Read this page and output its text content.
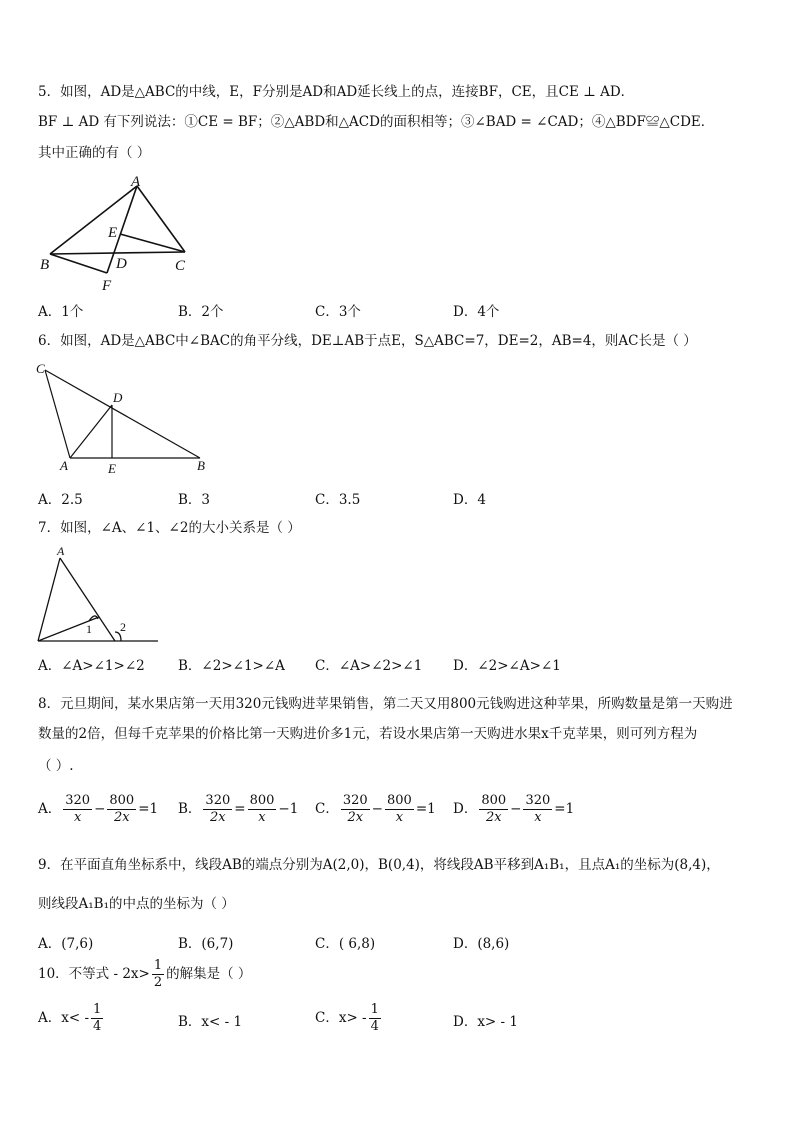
5．如图，AD是△ABC的中线，E，F分别是AD和AD延长线上的点，连接BF，CE，且CE ⊥ AD．
BF ⊥ AD 有下列说法：①CE = BF；②△ABD和△ACD的面积相等；③∠BAD = ∠CAD；④△BDF≌△CDE．
其中正确的有（ ）
A
E
B	D	C
F
C
D
A	E	B
A
1 2
A．1个	B．2个	C．3个	D．4个
6．如图，AD是△ABC中∠BAC的角平分线，DE⊥AB于点E，S△ABC=7，DE=2，AB=4，则AC长是（ ）
A．2.5	B．3	C．3.5	D．4
7．如图，∠A、∠1、∠2的大小关系是（ ）
A．∠A>∠1>∠2 B．∠2>∠1>∠A C．∠A>∠2>∠1 D．∠2>∠A>∠1
8．元旦期间，某水果店第一天用320元钱购进苹果销售，第二天又用800元钱购进这种苹果，所购数量是第一天购进
数量的2倍，但每千克苹果的价格比第一天购进价多1元，若设水果店第一天购进水果x千克苹果，则可列方程为
（ ）.
A． $\frac{320}{x} - \frac{800}{2x} =1$ B． $\frac{320}{2x} = \frac{800}{x} -1$ C． $\frac{320}{2x} - \frac{800}{x} =1$ D． $\frac{800}{2x} - \frac{320}{x} =1$
9．在平面直角坐标系中，线段AB的端点分别为A(2,0)，B(0,4)，将线段AB平移到A₁B₁，且点A₁的坐标为(8,4)，
则线段A₁B₁的中点的坐标为（ ）
A．(7,6)	B．(6,7)	C．( 6,8)	D．(8,6)
10．不等式 - $2x> \frac{1}{2}$ 的解集是（ ）
A．$x< - \frac{1}{4}$	B．x< - 1	C．$x> - \frac{1}{4}$	D．x> - 1
